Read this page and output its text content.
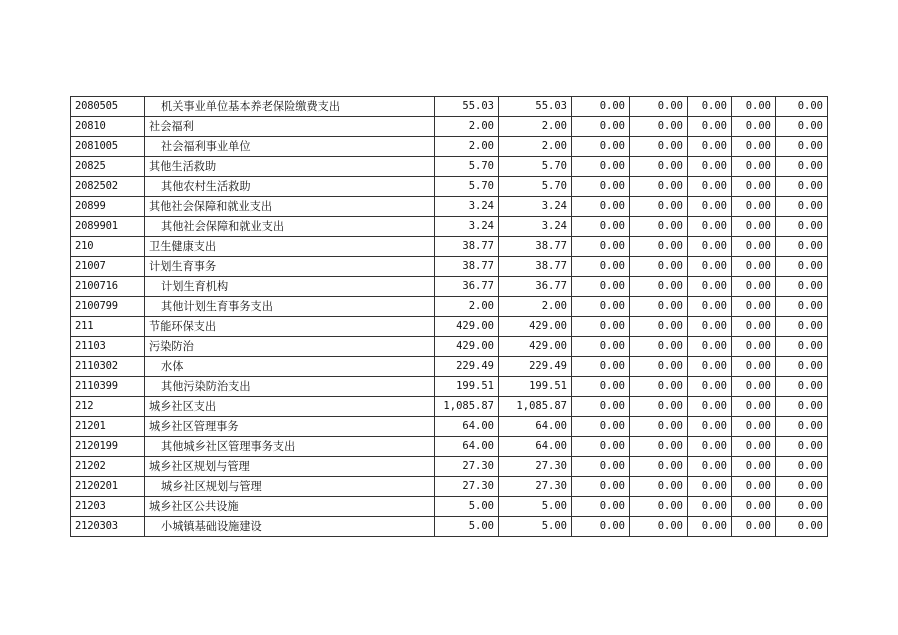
2080505	机关事业单位基本养老保险缴费支出	55.03	55.03	0.00	0.00	0.00	0.00	0.00
20810	社会福利	2.00	2.00	0.00	0.00	0.00	0.00	0.00
2081005	社会福利事业单位	2.00	2.00	0.00	0.00	0.00	0.00	0.00
20825	其他生活救助	5.70	5.70	0.00	0.00	0.00	0.00	0.00
2082502	其他农村生活救助	5.70	5.70	0.00	0.00	0.00	0.00	0.00
20899	其他社会保障和就业支出	3.24	3.24	0.00	0.00	0.00	0.00	0.00
2089901	其他社会保障和就业支出	3.24	3.24	0.00	0.00	0.00	0.00	0.00
210	卫生健康支出	38.77	38.77	0.00	0.00	0.00	0.00	0.00
21007	计划生育事务	38.77	38.77	0.00	0.00	0.00	0.00	0.00
2100716	计划生育机构	36.77	36.77	0.00	0.00	0.00	0.00	0.00
2100799	其他计划生育事务支出	2.00	2.00	0.00	0.00	0.00	0.00	0.00
211	节能环保支出	429.00	429.00	0.00	0.00	0.00	0.00	0.00
21103	污染防治	429.00	429.00	0.00	0.00	0.00	0.00	0.00
2110302	水体	229.49	229.49	0.00	0.00	0.00	0.00	0.00
2110399	其他污染防治支出	199.51	199.51	0.00	0.00	0.00	0.00	0.00
212	城乡社区支出	1,085.87	1,085.87	0.00	0.00	0.00	0.00	0.00
21201	城乡社区管理事务	64.00	64.00	0.00	0.00	0.00	0.00	0.00
2120199	其他城乡社区管理事务支出	64.00	64.00	0.00	0.00	0.00	0.00	0.00
21202	城乡社区规划与管理	27.30	27.30	0.00	0.00	0.00	0.00	0.00
2120201	城乡社区规划与管理	27.30	27.30	0.00	0.00	0.00	0.00	0.00
21203	城乡社区公共设施	5.00	5.00	0.00	0.00	0.00	0.00	0.00
2120303	小城镇基础设施建设	5.00	5.00	0.00	0.00	0.00	0.00	0.00
